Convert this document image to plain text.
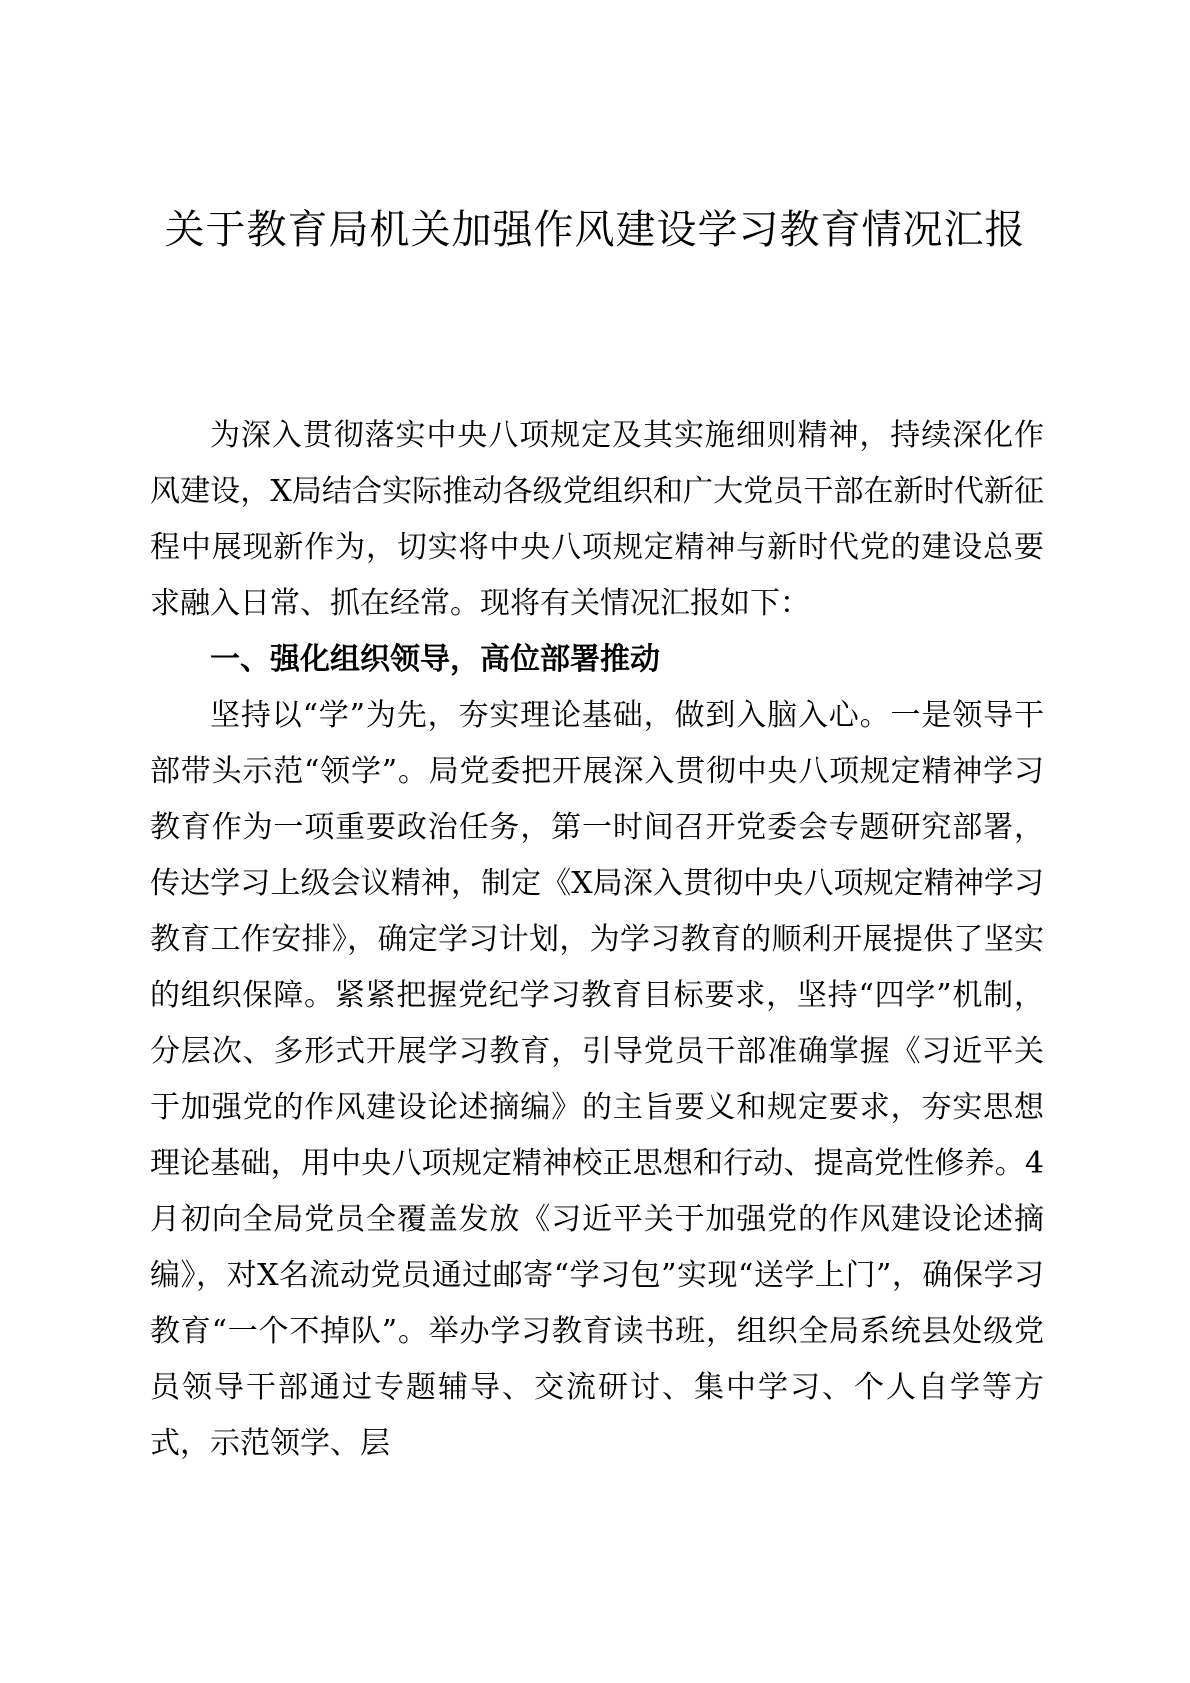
关于教育局机关加强作风建设学习教育情况汇报

为深入贯彻落实中央八项规定及其实施细则精神，持续深化作风建设，X局结合实际推动各级党组织和广大党员干部在新时代新征程中展现新作为，切实将中央八项规定精神与新时代党的建设总要求融入日常、抓在经常。现将有关情况汇报如下：

一、强化组织领导，高位部署推动

坚持以“学”为先，夯实理论基础，做到入脑入心。一是领导干部带头示范“领学”。局党委把开展深入贯彻中央八项规定精神学习教育作为一项重要政治任务，第一时间召开党委会专题研究部署，传达学习上级会议精神，制定《X局深入贯彻中央八项规定精神学习教育工作安排》，确定学习计划，为学习教育的顺利开展提供了坚实的组织保障。紧紧把握党纪学习教育目标要求，坚持“四学”机制，分层次、多形式开展学习教育，引导党员干部准确掌握《习近平关于加强党的作风建设论述摘编》的主旨要义和规定要求，夯实思想理论基础，用中央八项规定精神校正思想和行动、提高党性修养。4月初向全局党员全覆盖发放《习近平关于加强党的作风建设论述摘编》，对X名流动党员通过邮寄“学习包”实现“送学上门”，确保学习教育“一个不掉队”。举办学习教育读书班，组织全局系统县处级党员领导干部通过专题辅导、交流研讨、集中学习、个人自学等方式，示范领学、层
